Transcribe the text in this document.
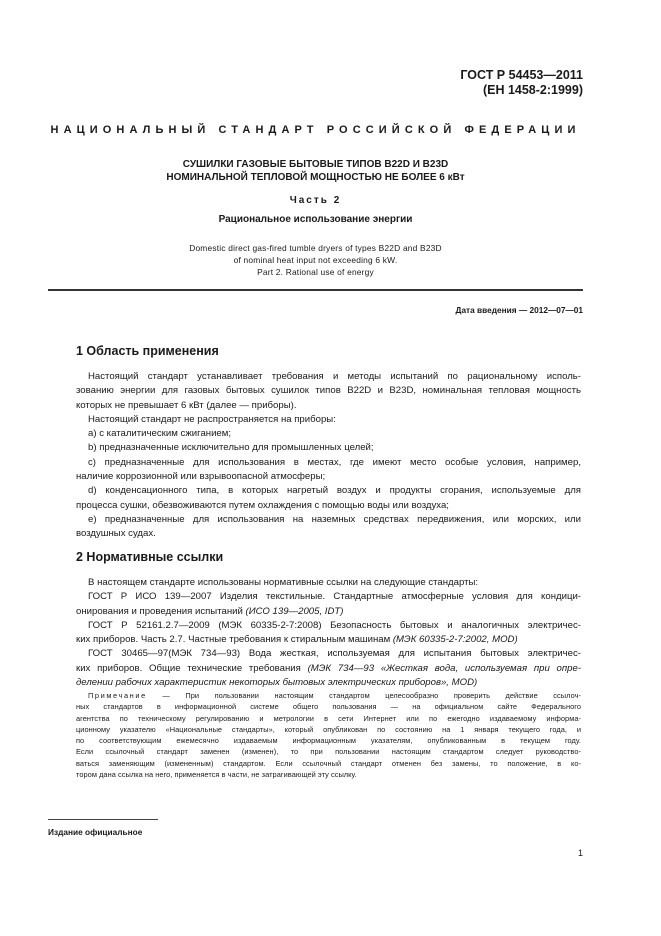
ГОСТ Р 54453—2011
(ЕН 1458-2:1999)
НАЦИОНАЛЬНЫЙ СТАНДАРТ РОССИЙСКОЙ ФЕДЕРАЦИИ
СУШИЛКИ ГАЗОВЫЕ БЫТОВЫЕ ТИПОВ B22D И B23D
НОМИНАЛЬНОЙ ТЕПЛОВОЙ МОЩНОСТЬЮ НЕ БОЛЕЕ 6 кВт
Часть 2
Рациональное использование энергии
Domestic direct gas-fired tumble dryers of types B22D and B23D
of nominal heat input not exceeding 6 kW.
Part 2. Rational use of energy
Дата введения — 2012—07—01
1 Область применения
Настоящий стандарт устанавливает требования и методы испытаний по рациональному исполь-
зованию энергии для газовых бытовых сушилок типов B22D и B23D, номинальная тепловая мощность
которых не превышает 6 кВт (далее — приборы).
Настоящий стандарт не распространяется на приборы:
а) с каталитическим сжиганием;
b) предназначенные исключительно для промышленных целей;
c) предназначенные для использования в местах, где имеют место особые условия, например,
наличие коррозионной или взрывоопасной атмосферы;
d) конденсационного типа, в которых нагретый воздух и продукты сгорания, используемые для
процесса сушки, обезвоживаются путем охлаждения с помощью воды или воздуха;
e) предназначенные для использования на наземных средствах передвижения, или морских, или
воздушных судах.
2 Нормативные ссылки
В настоящем стандарте использованы нормативные ссылки на следующие стандарты:
ГОСТ Р ИСО 139—2007 Изделия текстильные. Стандартные атмосферные условия для кондици-
онирования и проведения испытаний (ИСО 139—2005, IDT)
ГОСТ Р 52161.2.7—2009 (МЭК 60335-2-7:2008) Безопасность бытовых и аналогичных электричес-
ких приборов. Часть 2.7. Частные требования к стиральным машинам (МЭК 60335-2-7:2002, MOD)
ГОСТ 30465—97(МЭК 734—93) Вода жесткая, используемая для испытания бытовых электричес-
ких приборов. Общие технические требования (МЭК 734—93 «Жесткая вода, используемая при опре-
делении рабочих характеристик некоторых бытовых электрических приборов», MOD)
Примечание — При пользовании настоящим стандартом целесообразно проверить действие ссылоч-
ных стандартов в информационной системе общего пользования — на официальном сайте Федерального
агентства по техническому регулированию и метрологии в сети Интернет или по ежегодно издаваемому информа-
ционному указателю «Национальные стандарты», который опубликован по состоянию на 1 января текущего года, и
по соответствующим ежемесячно издаваемым информационным указателям, опубликованным в текущем году.
Если ссылочный стандарт заменен (изменен), то при пользовании настоящим стандартом следует руководство-
ваться заменяющим (измененным) стандартом. Если ссылочный стандарт отменен без замены, то положение, в ко-
тором дана ссылка на него, применяется в части, не затрагивающей эту ссылку.
Издание официальное
1
